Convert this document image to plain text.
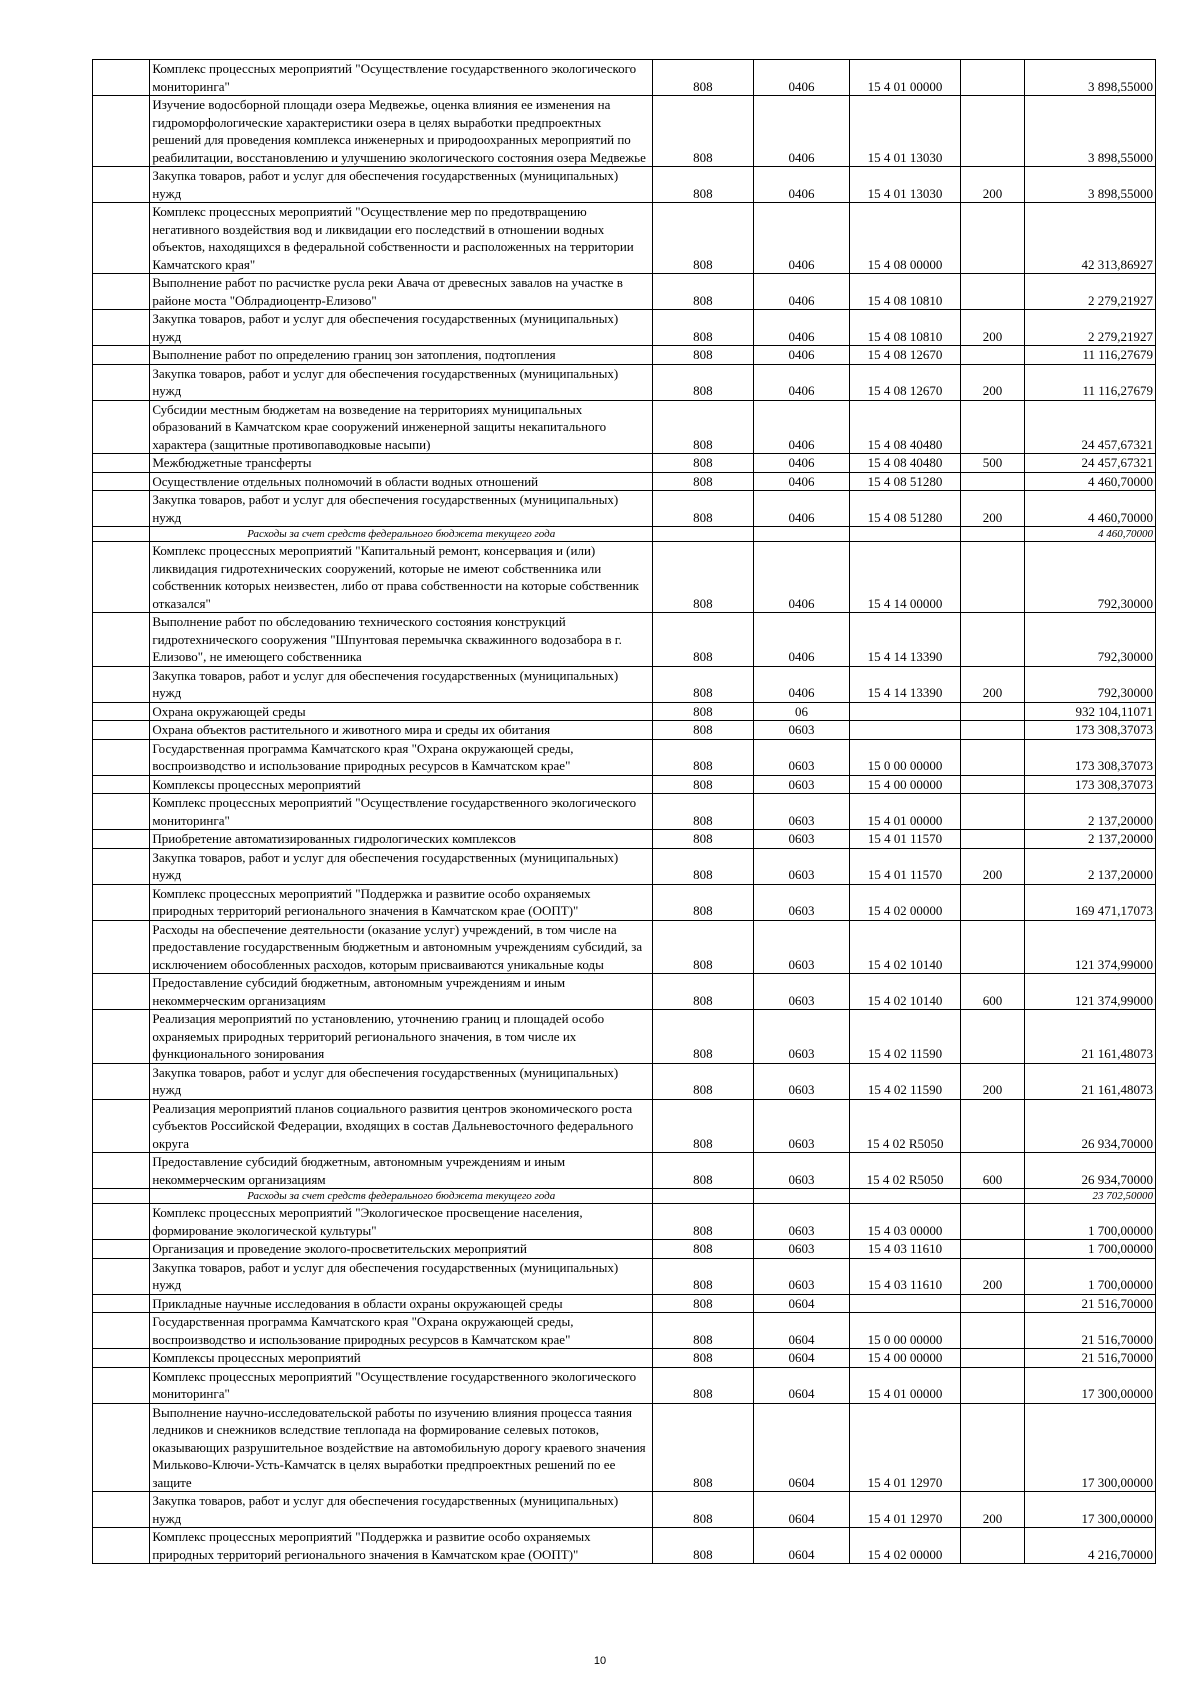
	Комплекс процессных мероприятий "Осуществление государственного экологического мониторинга"	808	0406	15 4 01 00000		3 898,55000
	Изучение водосборной площади озера Медвежье, оценка влияния ее изменения на гидроморфологические характеристики озера в целях выработки предпроектных решений для проведения комплекса инженерных и природоохранных мероприятий по реабилитации, восстановлению и улучшению экологического состояния озера Медвежье	808	0406	15 4 01 13030		3 898,55000
	Закупка товаров, работ и услуг для обеспечения государственных (муниципальных) нужд	808	0406	15 4 01 13030	200	3 898,55000
	Комплекс процессных мероприятий "Осуществление мер по предотвращению негативного воздействия вод и ликвидации его последствий в отношении водных объектов, находящихся в федеральной собственности и расположенных на территории Камчатского края"	808	0406	15 4 08 00000		42 313,86927
	Выполнение работ по расчистке русла реки Авача от древесных завалов на участке в районе моста "Облрадиоцентр-Елизово"	808	0406	15 4 08 10810		2 279,21927
	Закупка товаров, работ и услуг для обеспечения государственных (муниципальных) нужд	808	0406	15 4 08 10810	200	2 279,21927
	Выполнение работ по определению границ зон затопления, подтопления	808	0406	15 4 08 12670		11 116,27679
	Закупка товаров, работ и услуг для обеспечения государственных (муниципальных) нужд	808	0406	15 4 08 12670	200	11 116,27679
	Субсидии местным бюджетам на возведение на территориях муниципальных образований в Камчатском крае сооружений инженерной защиты некапитального характера (защитные противопаводковые насыпи)	808	0406	15 4 08 40480		24 457,67321
	Межбюджетные трансферты	808	0406	15 4 08 40480	500	24 457,67321
	Осуществление отдельных полномочий в области водных отношений	808	0406	15 4 08 51280		4 460,70000
	Закупка товаров, работ и услуг для обеспечения государственных (муниципальных) нужд	808	0406	15 4 08 51280	200	4 460,70000
	Расходы за счет средств федерального бюджета текущего года					4 460,70000
	Комплекс процессных мероприятий "Капитальный ремонт, консервация и (или) ликвидация гидротехнических сооружений, которые не имеют собственника или собственник которых неизвестен, либо от права собственности на которые собственник отказался"	808	0406	15 4 14 00000		792,30000
	Выполнение работ по обследованию технического состояния конструкций гидротехнического сооружения "Шпунтовая перемычка скважинного водозабора в г. Елизово", не имеющего собственника	808	0406	15 4 14 13390		792,30000
	Закупка товаров, работ и услуг для обеспечения государственных (муниципальных) нужд	808	0406	15 4 14 13390	200	792,30000
	Охрана окружающей среды	808	06			932 104,11071
	Охрана объектов растительного и животного мира и среды их обитания	808	0603			173 308,37073
	Государственная программа Камчатского края "Охрана окружающей среды, воспроизводство и использование природных ресурсов в Камчатском крае"	808	0603	15 0 00 00000		173 308,37073
	Комплексы процессных мероприятий	808	0603	15 4 00 00000		173 308,37073
	Комплекс процессных мероприятий "Осуществление государственного экологического мониторинга"	808	0603	15 4 01 00000		2 137,20000
	Приобретение автоматизированных гидрологических комплексов	808	0603	15 4 01 11570		2 137,20000
	Закупка товаров, работ и услуг для обеспечения государственных (муниципальных) нужд	808	0603	15 4 01 11570	200	2 137,20000
	Комплекс процессных мероприятий "Поддержка и развитие особо охраняемых природных территорий регионального значения в Камчатском крае (ООПТ)"	808	0603	15 4 02 00000		169 471,17073
	Расходы на обеспечение деятельности (оказание услуг) учреждений, в том числе на предоставление государственным бюджетным и автономным учреждениям субсидий, за исключением обособленных расходов, которым присваиваются уникальные коды	808	0603	15 4 02 10140		121 374,99000
	Предоставление субсидий бюджетным, автономным учреждениям и иным некоммерческим организациям	808	0603	15 4 02 10140	600	121 374,99000
	Реализация мероприятий по установлению, уточнению границ и площадей особо охраняемых природных территорий регионального значения, в том числе их функционального зонирования	808	0603	15 4 02 11590		21 161,48073
	Закупка товаров, работ и услуг для обеспечения государственных (муниципальных) нужд	808	0603	15 4 02 11590	200	21 161,48073
	Реализация мероприятий планов социального развития центров экономического роста субъектов Российской Федерации, входящих в состав Дальневосточного федерального округа	808	0603	15 4 02 R5050		26 934,70000
	Предоставление субсидий бюджетным, автономным учреждениям и иным некоммерческим организациям	808	0603	15 4 02 R5050	600	26 934,70000
	Расходы за счет средств федерального бюджета текущего года					23 702,50000
	Комплекс процессных мероприятий "Экологическое просвещение населения, формирование экологической культуры"	808	0603	15 4 03 00000		1 700,00000
	Организация и проведение эколого-просветительских мероприятий	808	0603	15 4 03 11610		1 700,00000
	Закупка товаров, работ и услуг для обеспечения государственных (муниципальных) нужд	808	0603	15 4 03 11610	200	1 700,00000
	Прикладные научные исследования в области охраны окружающей среды	808	0604			21 516,70000
	Государственная программа Камчатского края "Охрана окружающей среды, воспроизводство и использование природных ресурсов в Камчатском крае"	808	0604	15 0 00 00000		21 516,70000
	Комплексы процессных мероприятий	808	0604	15 4 00 00000		21 516,70000
	Комплекс процессных мероприятий "Осуществление государственного экологического мониторинга"	808	0604	15 4 01 00000		17 300,00000
	Выполнение научно-исследовательской работы по изучению влияния процесса таяния ледников и снежников вследствие теплопада на формирование селевых потоков, оказывающих разрушительное воздействие на автомобильную дорогу краевого значения Мильково-Ключи-Усть-Камчатск в целях выработки предпроектных решений по ее защите	808	0604	15 4 01 12970		17 300,00000
	Закупка товаров, работ и услуг для обеспечения государственных (муниципальных) нужд	808	0604	15 4 01 12970	200	17 300,00000
	Комплекс процессных мероприятий "Поддержка и развитие особо охраняемых природных территорий регионального значения в Камчатском крае (ООПТ)"	808	0604	15 4 02 00000		4 216,70000
10
